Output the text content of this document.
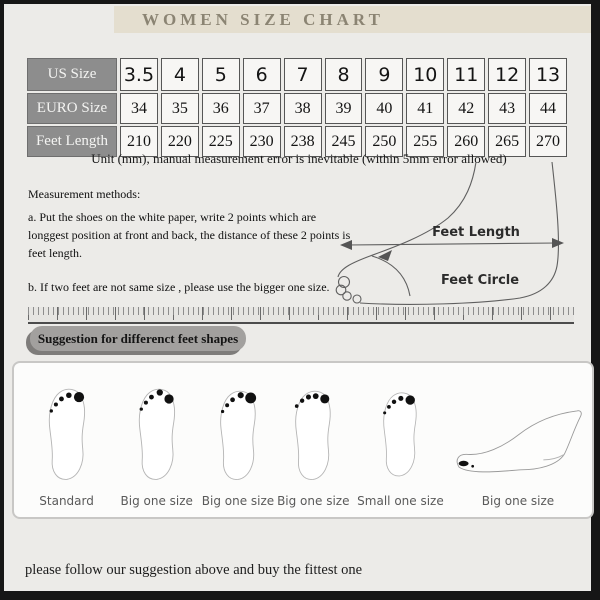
WOMEN SIZE CHART
US Size	3.5	4	5	6	7	8	9	10	11	12	13
EURO Size	34	35	36	37	38	39	40	41	42	43	44
Feet Length	210	220	225	230	238	245	250	255	260	265	270
Unit (mm), manual measurement error is inevitable (within 5mm error allowed)
Measurement methods:
a. Put the shoes on the white paper, write 2 points which are longgest position at front and back, the distance of these 2 points is feet length.
b. If two feet are not same size , please use the bigger one size.
Feet Length
Feet Circle
Suggestion for differenct feet shapes
Standard Big one size Big one size Big one size Small one size	Big one size
please follow our suggestion above and buy the fittest one
